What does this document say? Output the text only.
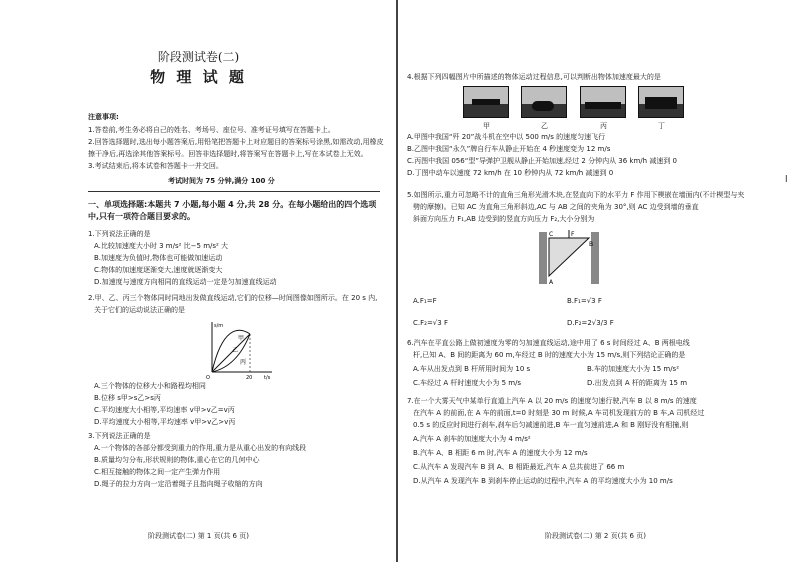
阶段测试卷(二)
物 理 试 题
注意事项:
1.答卷前,考生务必将自己的姓名、考场号、座位号、准考证号填写在答题卡上。
2.回答选择题时,选出每小题答案后,用铅笔把答题卡上对应题目的答案标号涂黑,如需改动,用橡皮
擦干净后,再选涂其他答案标号。回答非选择题时,将答案写在答题卡上,写在本试卷上无效。
3.考试结束后,将本试卷和答题卡一并交回。
考试时间为 75 分钟,满分 100 分
一、单项选择题:本题共 7 小题,每小题 4 分,共 28 分。在每小题给出的四个选项
中,只有一项符合题目要求的。
1.下列说法正确的是
A.比较加速度大小时 3 m/s² 比−5 m/s² 大
B.加速度为负值时,物体也可能做加速运动
C.物体的加速度逐渐变大,速度就逐渐变大
D.加速度与速度方向相同的直线运动一定是匀加速直线运动
2.甲、乙、丙三个物体同时同地出发做直线运动,它们的位移—时间图像如图所示。在 20 s 内,
关于它们的运动说法正确的是
s/m
t/s
20
O
甲
乙
丙
A.三个物体的位移大小和路程均相同
B.位移 s甲>s乙>s丙
C.平均速度大小相等,平均速率 v甲>v乙=v丙
D.平均速度大小相等,平均速率 v甲>v乙>v丙
3.下列说法正确的是
A.一个物体的各部分都受到重力的作用,重力是从重心出发的有向线段
B.质量均匀分布,形状规则的物体,重心在它的几何中心
C.相互接触的物体之间一定产生弹力作用
D.绳子的拉力方向一定沿着绳子且指向绳子收缩的方向
阶段测试卷(二) 第 1 页(共 6 页)
4.根据下列四幅图片中所描述的物体运动过程信息,可以判断出物体加速度最大的是
甲	乙	丙	丁
A.甲图中我国“歼 20”战斗机在空中以 500 m/s 的速度匀速飞行
B.乙图中我国“永久”牌自行车从静止开始在 4 秒速度变为 12 m/s
C.丙图中我国 056“型”导弹护卫舰从静止开始加速,经过 2 分钟内从 36 km/h 减速到 0
D.丁图中动车以速度 72 km/h 在 10 秒钟内从 72 km/h 减速到 0
5.如图所示,重力可忽略不计的直角三角形光滑木块,在竖直向下的水平力 F 作用下楔嵌在墙面内(不计楔型与夹
劈的摩擦)。已知 AC 为直角三角形斜边,AC 与 AB 之间的夹角为 30°,则 AC 边受到墙的垂直
斜面方向压力 F₁,AB 边受到的竖直方向压力 F₂,大小分别为
F
A
B
C
A.F₁=F	B.F₁=√3 F
C.F₂=√3 F	D.F₂=2√3/3 F
6.汽车在平直公路上做初速度为零的匀加速直线运动,途中用了 6 s 时间经过 A、B 两根电线
杆,已知 A、B 间的距离为 60 m,车经过 B 时的速度大小为 15 m/s,则下列结论正确的是
A.车从出发点到 B 杆所用时间为 10 s	B.车的加速度大小为 15 m/s²
C.车经过 A 杆时速度大小为 5 m/s	D.出发点到 A 杆的距离为 15 m
7.在一个大雾天气中某单行直道上汽车 A 以 20 m/s 的速度匀速行驶,汽车 B 以 8 m/s 的速度
在汽车 A 的前面,在 A 车的前面,t=0 时刻是 30 m 时候,A 车司机发现前方的 B 车,A 司机经过
0.5 s 的反应时间进行刹车,刹车后匀减速前进,B 车一直匀速前进,A 和 B 刚好没有相撞,则
A.汽车 A 刹车的加速度大小为 4 m/s²
B.汽车 A、B 相距 6 m 时,汽车 A 的速度大小为 12 m/s
C.从汽车 A 发现汽车 B 到 A、B 相距最近,汽车 A 总共前进了 66 m
D.从汽车 A 发现汽车 B 到刹车停止运动的过程中,汽车 A 的平均速度大小为 10 m/s
阶段测试卷(二) 第 2 页(共 6 页)
l
